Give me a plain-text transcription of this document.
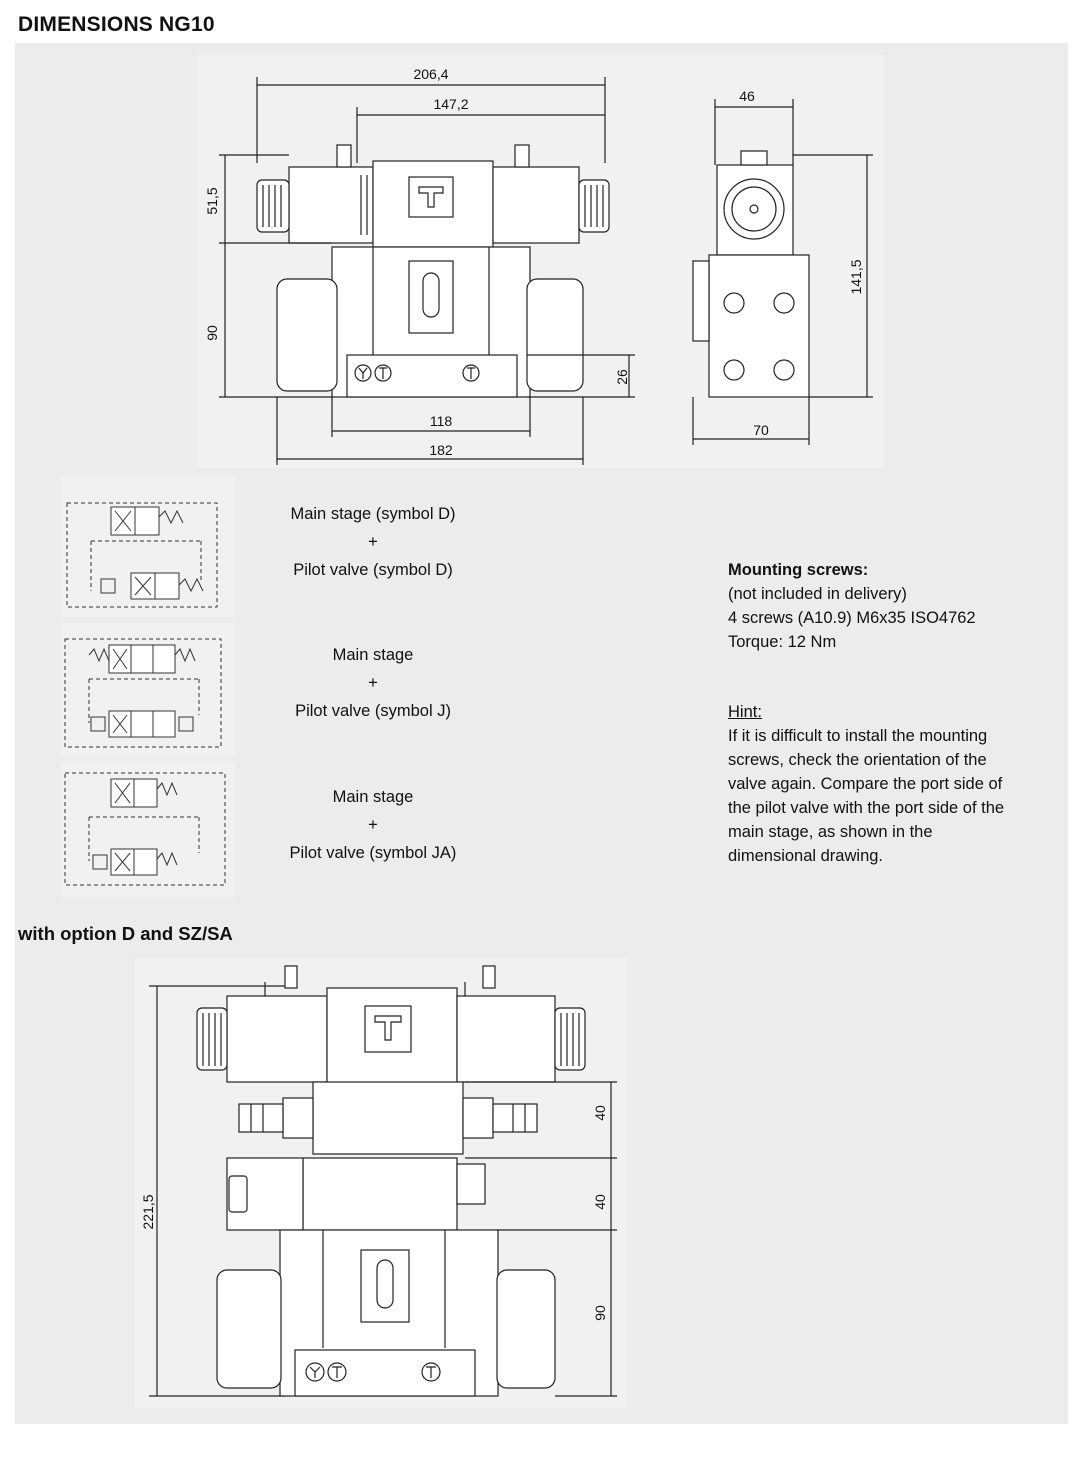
DIMENSIONS NG10
206,4
147,2
118
182
46
70
51,5
90
26
141,5
Main stage (symbol D)
+
Pilot valve (symbol D)
Main stage
+
Pilot valve (symbol J)
Main stage
+
Pilot valve (symbol JA)
Mounting screws:
(not included in delivery)
4 screws (A10.9) M6x35 ISO4762
Torque: 12 Nm
Hint:
If it is difficult to install the mounting
screws, check the orientation of the
valve again. Compare the port side of
the pilot valve with the port side of the
main stage, as shown in the
dimensional drawing.
with option D and SZ/SA
221,5
40
40
90
